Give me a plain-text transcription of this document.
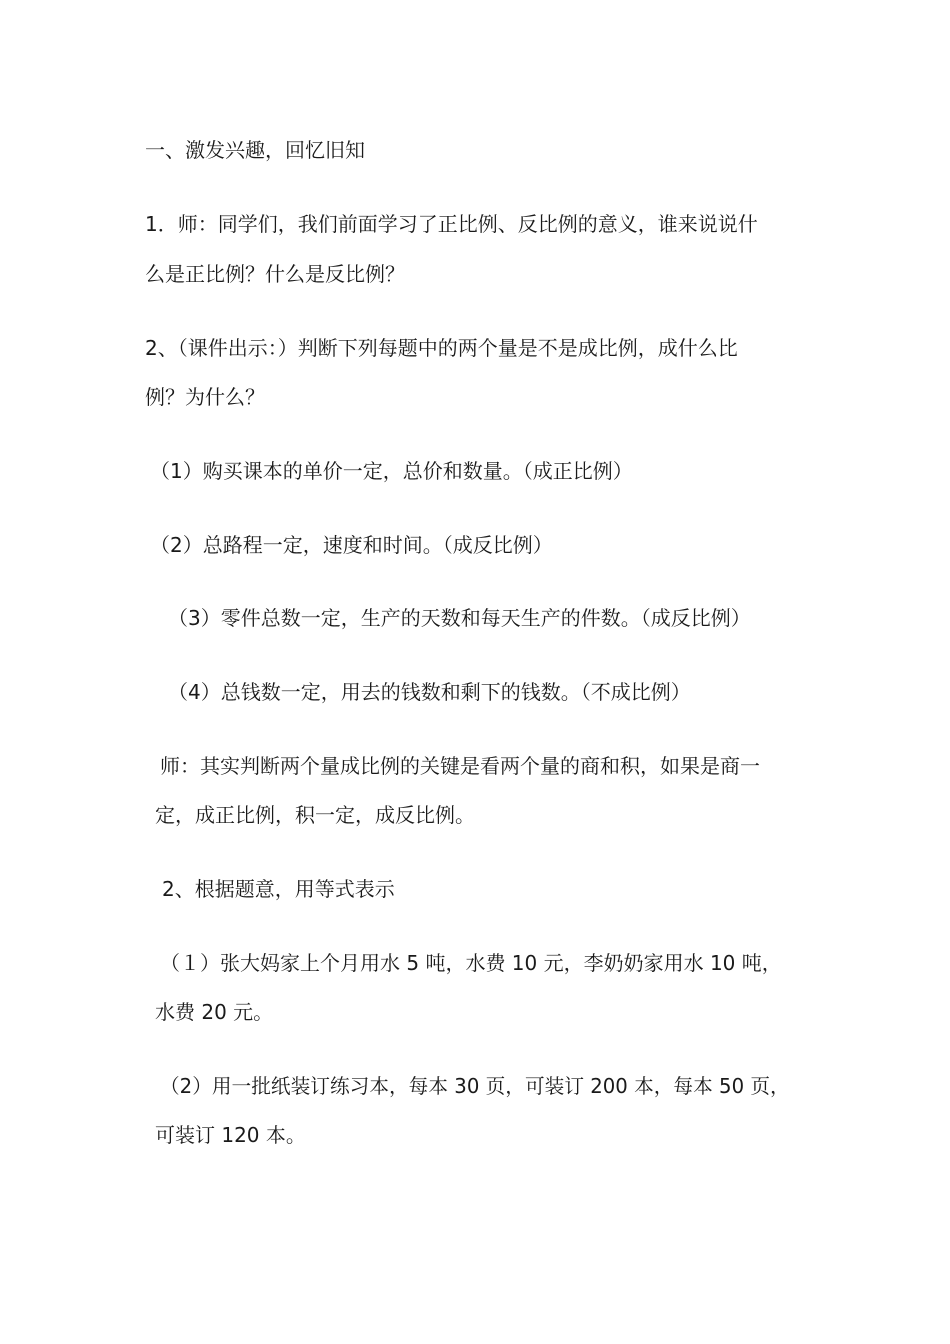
一、激发兴趣，回忆旧知
1．师：同学们，我们前面学习了正比例、反比例的意义，谁来说说什
么是正比例？什么是反比例？
2、（课件出示：）判断下列每题中的两个量是不是成比例，成什么比
例？为什么？
（1）购买课本的单价一定，总价和数量。（成正比例）
（2）总路程一定，速度和时间。（成反比例）
（3）零件总数一定，生产的天数和每天生产的件数。（成反比例）
（4）总钱数一定，用去的钱数和剩下的钱数。（不成比例）
师：其实判断两个量成比例的关键是看两个量的商和积，如果是商一
定，成正比例，积一定，成反比例。
2、根据题意，用等式表示
（１）张大妈家上个月用水 5 吨，水费 10 元，李奶奶家用水 10 吨，
水费 20 元。
（2）用一批纸装订练习本，每本 30 页，可装订 200 本，每本 50 页，
可装订 120 本。
